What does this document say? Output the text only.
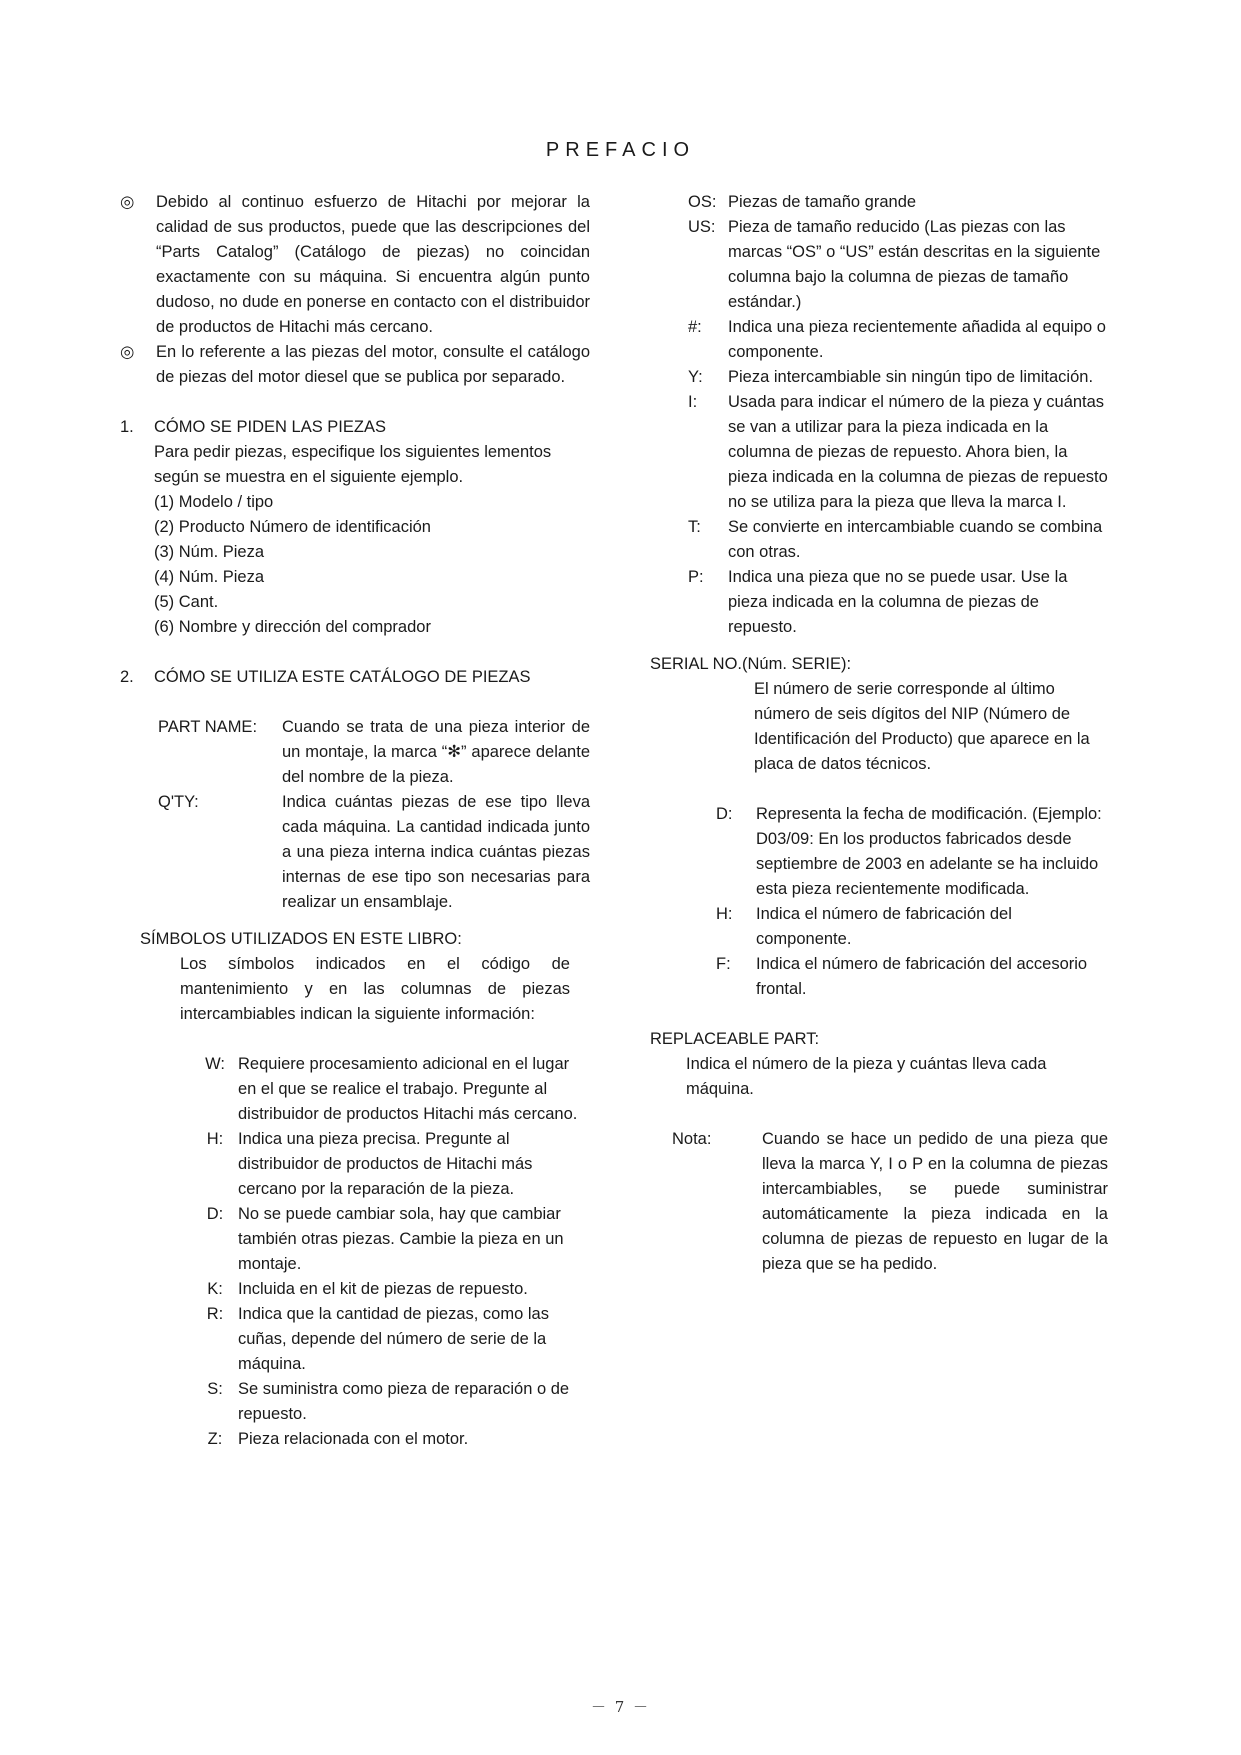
PREFACIO
◎	Debido al continuo esfuerzo de Hitachi por mejorar la calidad de sus productos, puede que las descripciones del “Parts Catalog” (Catálogo de piezas) no coincidan exactamente con su máquina. Si encuentra algún punto dudoso, no dude en ponerse en contacto con el distribuidor de productos de Hitachi más cercano.

◎	En lo referente a las piezas del motor, consulte el catálogo de piezas del motor diesel que se publica por separado.

1.	CÓMO SE PIDEN LAS PIEZAS

Para pedir piezas, especifique los siguientes lementos según se muestra en el siguiente ejemplo.

(1) Modelo / tipo

(2) Producto Número de identificación

(3) Núm. Pieza

(4) Núm. Pieza

(5) Cant.

(6) Nombre y dirección del comprador

2.	CÓMO SE UTILIZA ESTE CATÁLOGO DE PIEZAS

PART NAME:	Cuando se trata de una pieza interior de un montaje, la marca “✻” aparece delante del nombre de la pieza.

Q'TY:	Indica cuántas piezas de ese tipo lleva cada máquina. La cantidad indicada junto a una pieza interna indica cuántas piezas internas de ese tipo son necesarias para realizar un ensamblaje.

SÍMBOLOS UTILIZADOS EN ESTE LIBRO:

Los símbolos indicados en el código de mantenimiento y en las columnas de piezas intercambiables indican la siguiente información:

W: Requiere procesamiento adicional en el lugar en el que se realice el trabajo. Pregunte al distribuidor de productos Hitachi más cercano.

H: Indica una pieza precisa. Pregunte al distribuidor de productos de Hitachi más cercano por la reparación de la pieza.

D: No se puede cambiar sola, hay que cambiar también otras piezas. Cambie la pieza en un montaje.

K: Incluida en el kit de piezas de repuesto.

R: Indica que la cantidad de piezas, como las cuñas, depende del número de serie de la máquina.

S: Se suministra como pieza de reparación o de repuesto.

Z: Pieza relacionada con el motor.

OS: Piezas de tamaño grande

US: Pieza de tamaño reducido (Las piezas con las marcas “OS” o “US” están descritas en la siguiente columna bajo la columna de piezas de tamaño estándar.)

#:	Indica una pieza recientemente añadida al equipo o componente.

Y:	Pieza intercambiable sin ningún tipo de limitación.

I:	Usada para indicar el número de la pieza y cuántas se van a utilizar para la pieza indicada en la columna de piezas de repuesto. Ahora bien, la pieza indicada en la columna de piezas de repuesto no se utiliza para la pieza que lleva la marca I.

T:	Se convierte en intercambiable cuando se combina con otras.

P:	Indica una pieza que no se puede usar. Use la pieza indicada en la columna de piezas de repuesto.

SERIAL NO.(Núm. SERIE):

El número de serie corresponde al último número de seis dígitos del NIP (Número de Identificación del Producto) que aparece en la placa de datos técnicos.

D:	Representa la fecha de modificación. (Ejemplo: D03/09: En los productos fabricados desde septiembre de 2003 en adelante se ha incluido esta pieza recientemente modificada.

H:	Indica el número de fabricación del componente.

F:	Indica el número de fabricación del accesorio frontal.

REPLACEABLE PART:

Indica el número de la pieza y cuántas lleva cada máquina.

Nota:	Cuando se hace un pedido de una pieza que lleva la marca Y, I o P en la columna de piezas intercambiables, se puede suministrar automáticamente la pieza indicada en la columna de piezas de repuesto en lugar de la pieza que se ha pedido.

－ 7 －
